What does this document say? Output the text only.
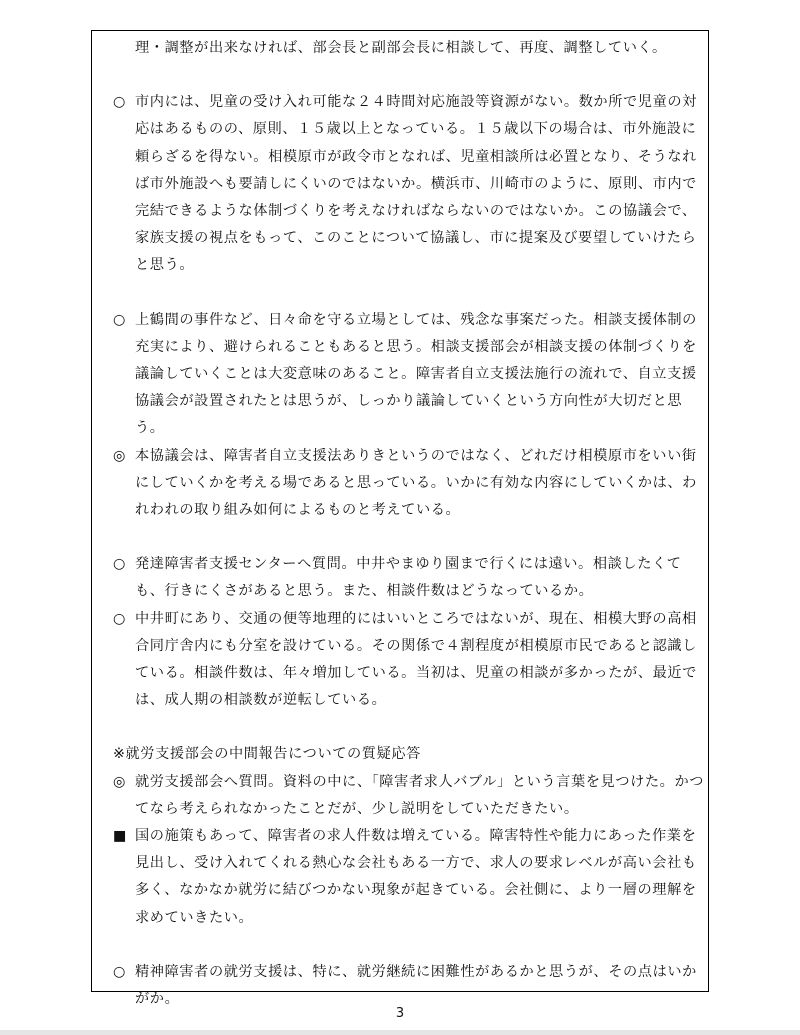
理・調整が出来なければ、部会長と副部会長に相談して、再度、調整していく。
○ 市内には、児童の受け入れ可能な２４時間対応施設等資源がない。数か所で児童の対応はあるものの、原則、１５歳以上となっている。１５歳以下の場合は、市外施設に頼らざるを得ない。相模原市が政令市となれば、児童相談所は必置となり、そうなれば市外施設へも要請しにくいのではないか。横浜市、川崎市のように、原則、市内で完結できるような体制づくりを考えなければならないのではないか。この協議会で、家族支援の視点をもって、このことについて協議し、市に提案及び要望していけたらと思う。
○ 上鶴間の事件など、日々命を守る立場としては、残念な事案だった。相談支援体制の充実により、避けられることもあると思う。相談支援部会が相談支援の体制づくりを議論していくことは大変意味のあること。障害者自立支援法施行の流れで、自立支援協議会が設置されたとは思うが、しっかり議論していくという方向性が大切だと思う。
◎ 本協議会は、障害者自立支援法ありきというのではなく、どれだけ相模原市をいい街にしていくかを考える場であると思っている。いかに有効な内容にしていくかは、われわれの取り組み如何によるものと考えている。
○ 発達障害者支援センターへ質問。中井やまゆり園まで行くには遠い。相談したくても、行きにくさがあると思う。また、相談件数はどうなっているか。
○ 中井町にあり、交通の便等地理的にはいいところではないが、現在、相模大野の高相合同庁舎内にも分室を設けている。その関係で４割程度が相模原市民であると認識している。相談件数は、年々増加している。当初は、児童の相談が多かったが、最近では、成人期の相談数が逆転している。
※就労支援部会の中間報告についての質疑応答
◎ 就労支援部会へ質問。資料の中に、「障害者求人バブル」という言葉を見つけた。かつてなら考えられなかったことだが、少し説明をしていただきたい。
■ 国の施策もあって、障害者の求人件数は増えている。障害特性や能力にあった作業を見出し、受け入れてくれる熱心な会社もある一方で、求人の要求レベルが高い会社も多く、なかなか就労に結びつかない現象が起きている。会社側に、より一層の理解を求めていきたい。
○ 精神障害者の就労支援は、特に、就労継続に困難性があるかと思うが、その点はいかがか。
3
